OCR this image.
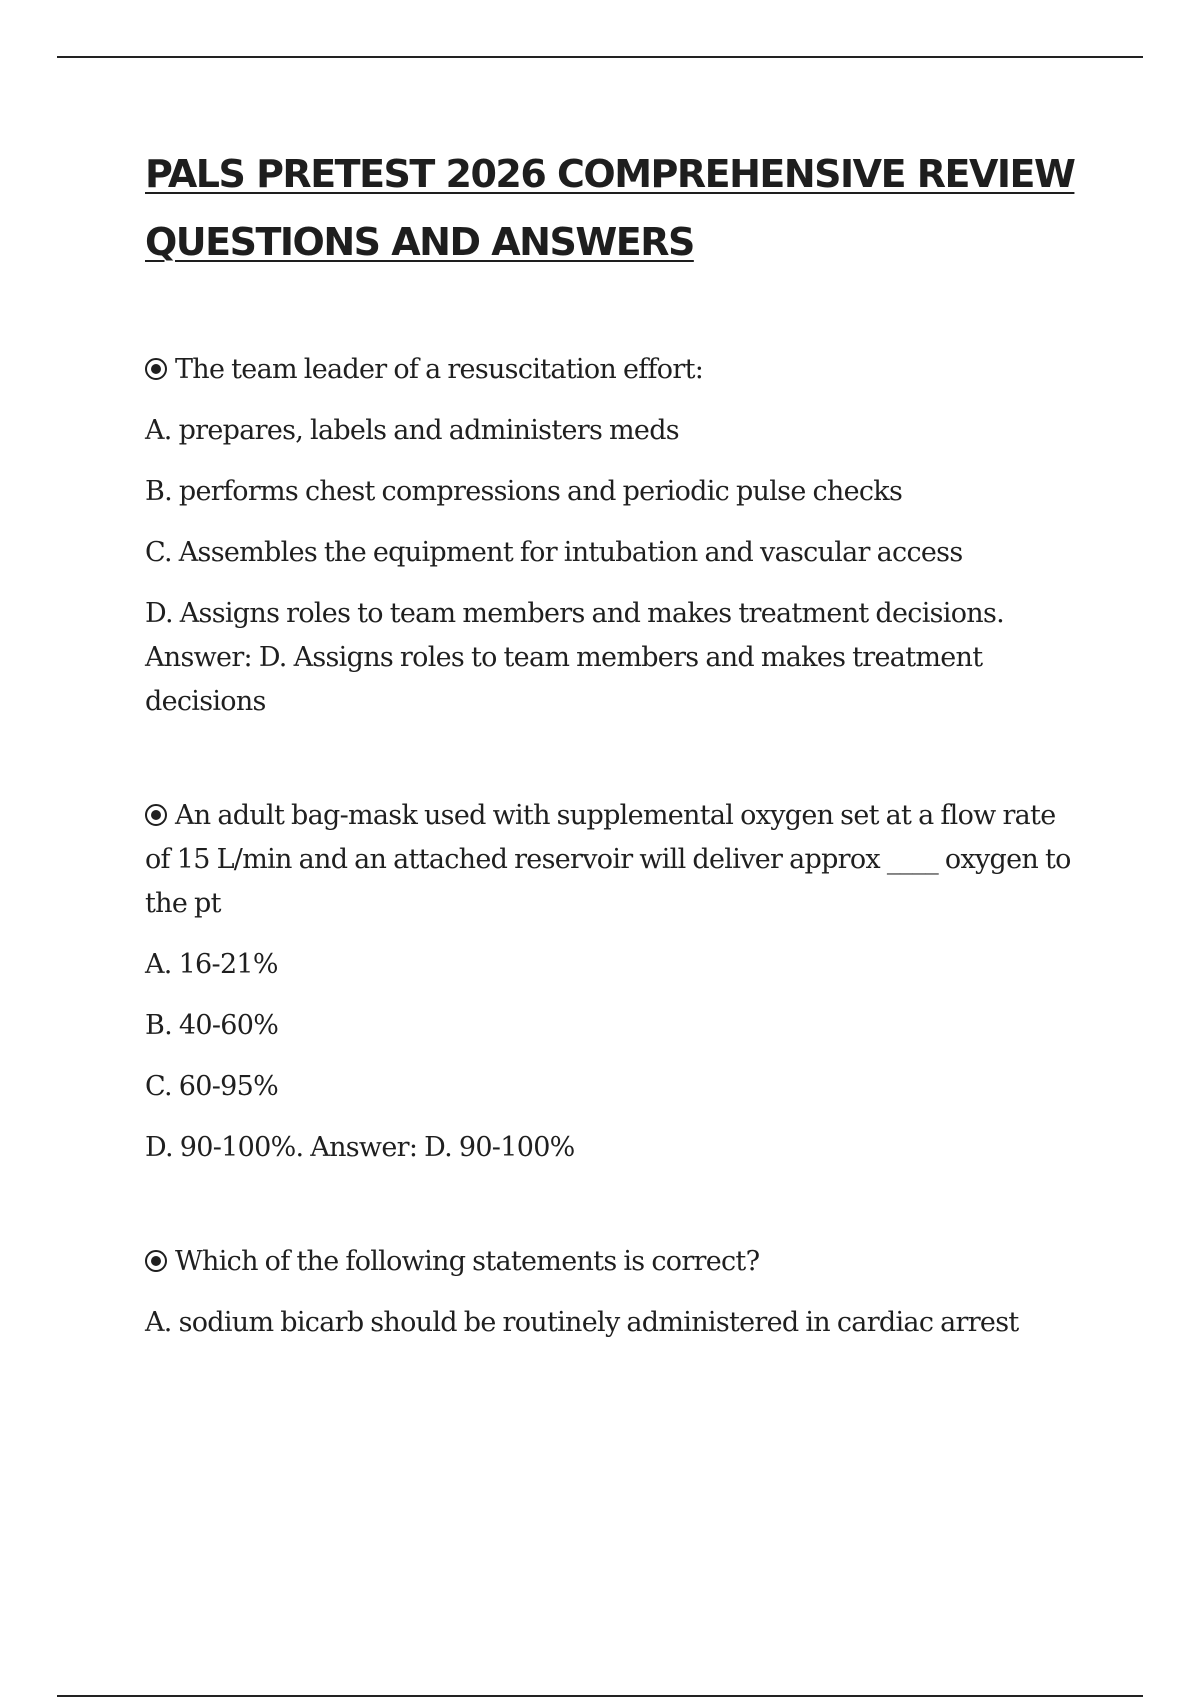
PALS PRETEST 2026 COMPREHENSIVE REVIEW QUESTIONS AND ANSWERS

The team leader of a resuscitation effort:

A. prepares, labels and administers meds

B. performs chest compressions and periodic pulse checks

C. Assembles the equipment for intubation and vascular access

D. Assigns roles to team members and makes treatment decisions. Answer: D. Assigns roles to team members and makes treatment decisions

An adult bag-mask used with supplemental oxygen set at a flow rate of 15 L/min and an attached reservoir will deliver approx ____ oxygen to the pt

A. 16-21%

B. 40-60%

C. 60-95%

D. 90-100%. Answer: D. 90-100%

Which of the following statements is correct?

A. sodium bicarb should be routinely administered in cardiac arrest
